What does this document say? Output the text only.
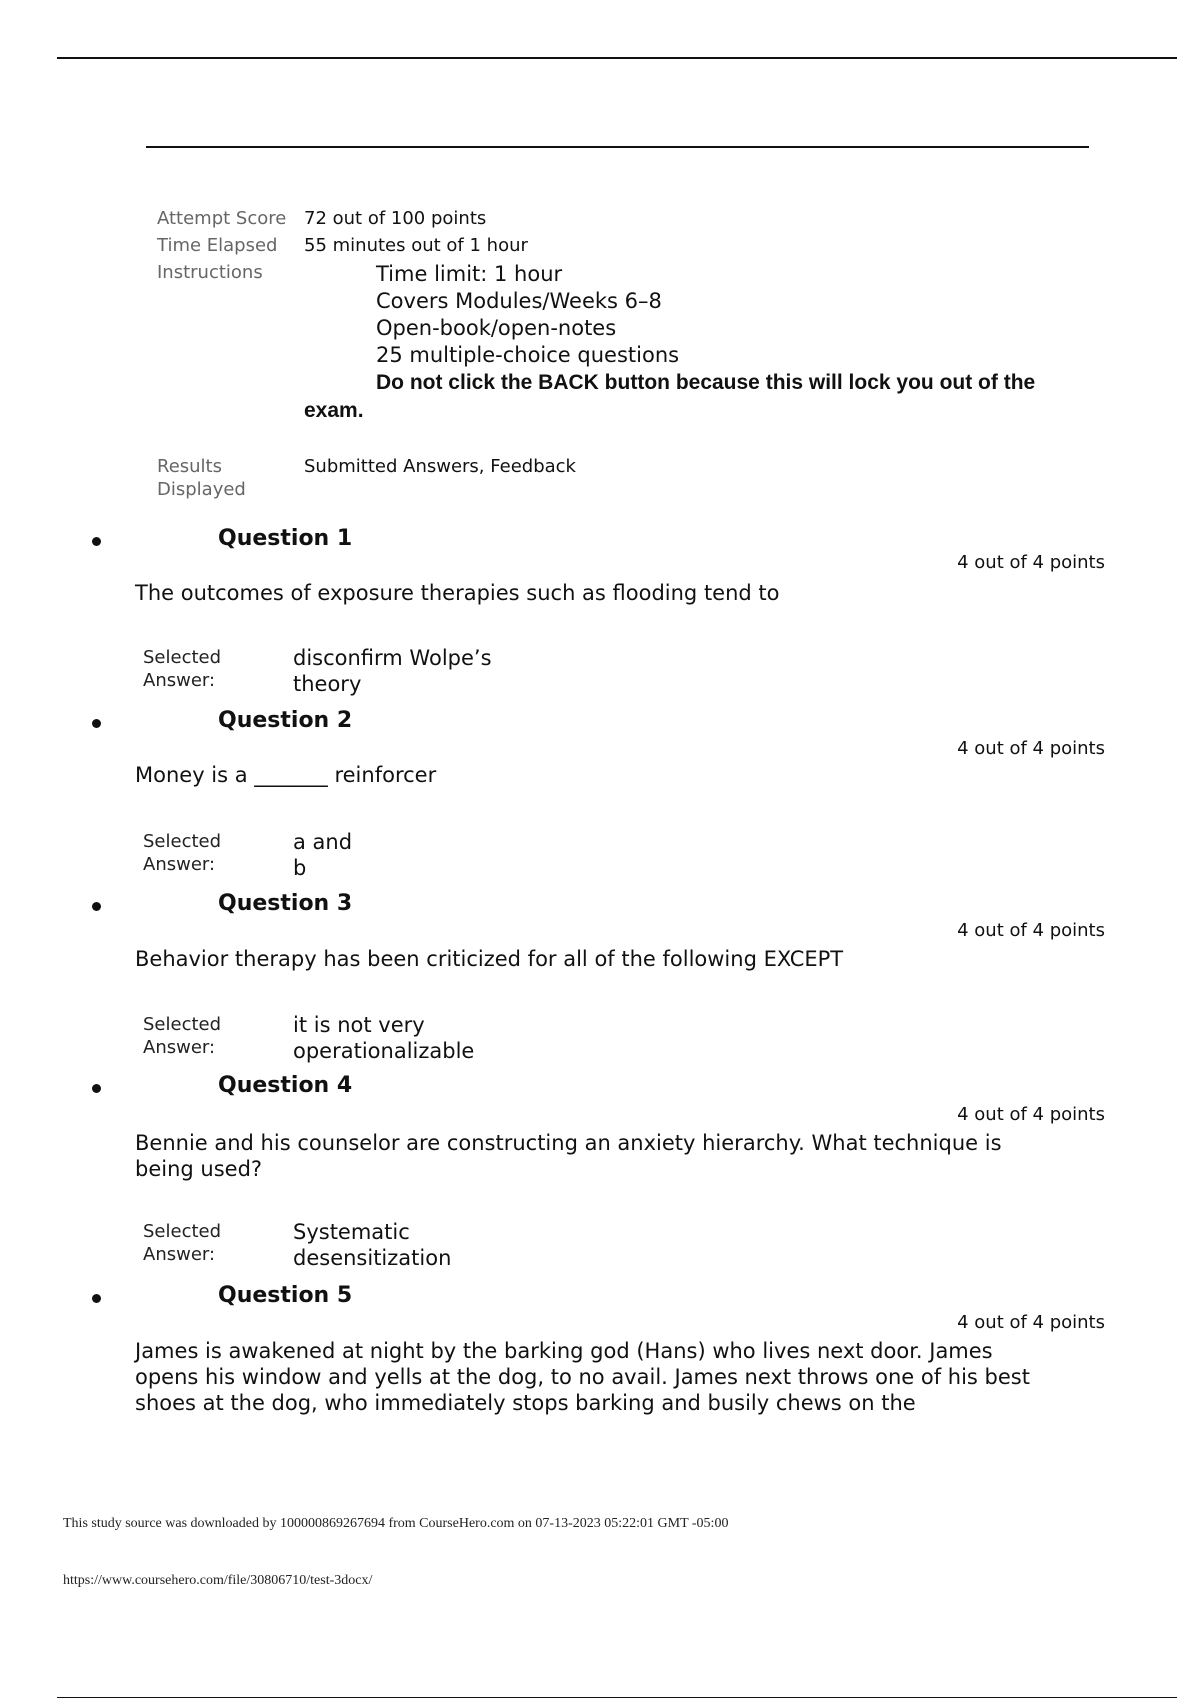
Attempt Score 72 out of 100 points
Time Elapsed	55 minutes out of 1 hour
Instructions	Time limit: 1 hour
Covers Modules/Weeks 6–8
Open-book/open-notes
25 multiple-choice questions
Do not click the BACK button because this will lock you out of the exam.
Results Displayed
Submitted Answers, Feedback
Question 1
4 out of 4 points
The outcomes of exposure therapies such as flooding tend to
Selected Answer:
disconfirm Wolpe’s theory
Question 2
4 out of 4 points
Money is a _______ reinforcer
Selected Answer:
a and b
Question 3
4 out of 4 points
Behavior therapy has been criticized for all of the following EXCEPT
Selected Answer:
it is not very operationalizable
Question 4
4 out of 4 points
Bennie and his counselor are constructing an anxiety hierarchy. What technique is being used?
Selected Answer:
Systematic desensitization
Question 5
4 out of 4 points
James is awakened at night by the barking god (Hans) who lives next door. James opens his window and yells at the dog, to no avail. James next throws one of his best shoes at the dog, who immediately stops barking and busily chews on the
This study source was downloaded by 100000869267694 from CourseHero.com on 07-13-2023 05:22:01 GMT -05:00
https://www.coursehero.com/file/30806710/test-3docx/
